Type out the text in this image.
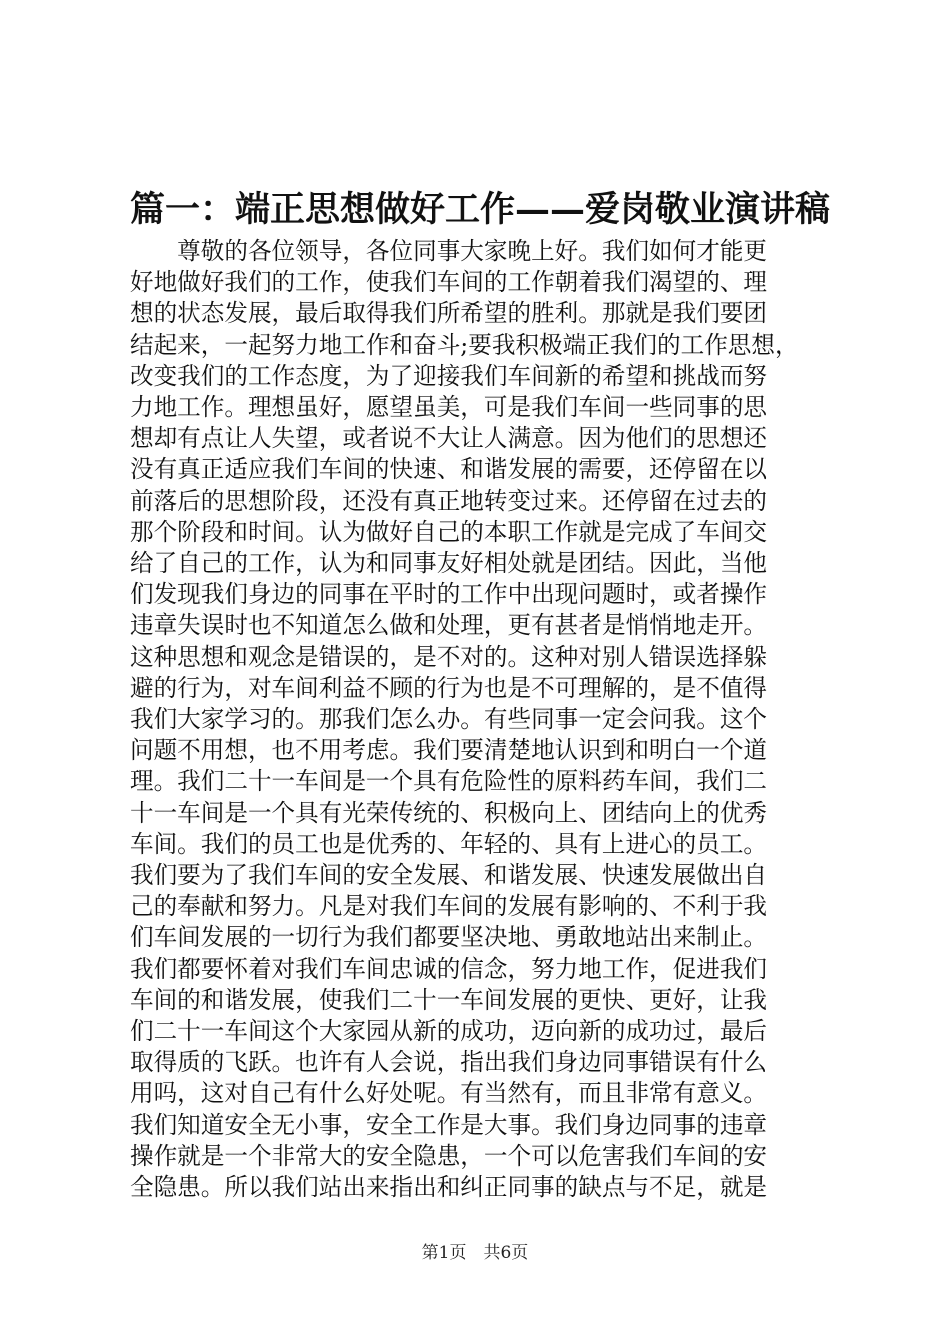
篇一：端正思想做好工作——爱岗敬业演讲稿
　　尊敬的各位领导，各位同事大家晚上好。我们如何才能更
好地做好我们的工作，使我们车间的工作朝着我们渴望的、理
想的状态发展，最后取得我们所希望的胜利。那就是我们要团
结起来，一起努力地工作和奋斗;要我积极端正我们的工作思想，
改变我们的工作态度，为了迎接我们车间新的希望和挑战而努
力地工作。理想虽好，愿望虽美，可是我们车间一些同事的思
想却有点让人失望，或者说不大让人满意。因为他们的思想还
没有真正适应我们车间的快速、和谐发展的需要，还停留在以
前落后的思想阶段，还没有真正地转变过来。还停留在过去的
那个阶段和时间。认为做好自己的本职工作就是完成了车间交
给了自己的工作，认为和同事友好相处就是团结。因此，当他
们发现我们身边的同事在平时的工作中出现问题时，或者操作
违章失误时也不知道怎么做和处理，更有甚者是悄悄地走开。
这种思想和观念是错误的，是不对的。这种对别人错误选择躲
避的行为，对车间利益不顾的行为也是不可理解的，是不值得
我们大家学习的。那我们怎么办。有些同事一定会问我。这个
问题不用想，也不用考虑。我们要清楚地认识到和明白一个道
理。我们二十一车间是一个具有危险性的原料药车间，我们二
十一车间是一个具有光荣传统的、积极向上、团结向上的优秀
车间。我们的员工也是优秀的、年轻的、具有上进心的员工。
我们要为了我们车间的安全发展、和谐发展、快速发展做出自
己的奉献和努力。凡是对我们车间的发展有影响的、不利于我
们车间发展的一切行为我们都要坚决地、勇敢地站出来制止。
我们都要怀着对我们车间忠诚的信念，努力地工作，促进我们
车间的和谐发展，使我们二十一车间发展的更快、更好，让我
们二十一车间这个大家园从新的成功，迈向新的成功过，最后
取得质的飞跃。也许有人会说，指出我们身边同事错误有什么
用吗，这对自己有什么好处呢。有当然有，而且非常有意义。
我们知道安全无小事，安全工作是大事。我们身边同事的违章
操作就是一个非常大的安全隐患，一个可以危害我们车间的安
全隐患。所以我们站出来指出和纠正同事的缺点与不足，就是
第1页　共6页
